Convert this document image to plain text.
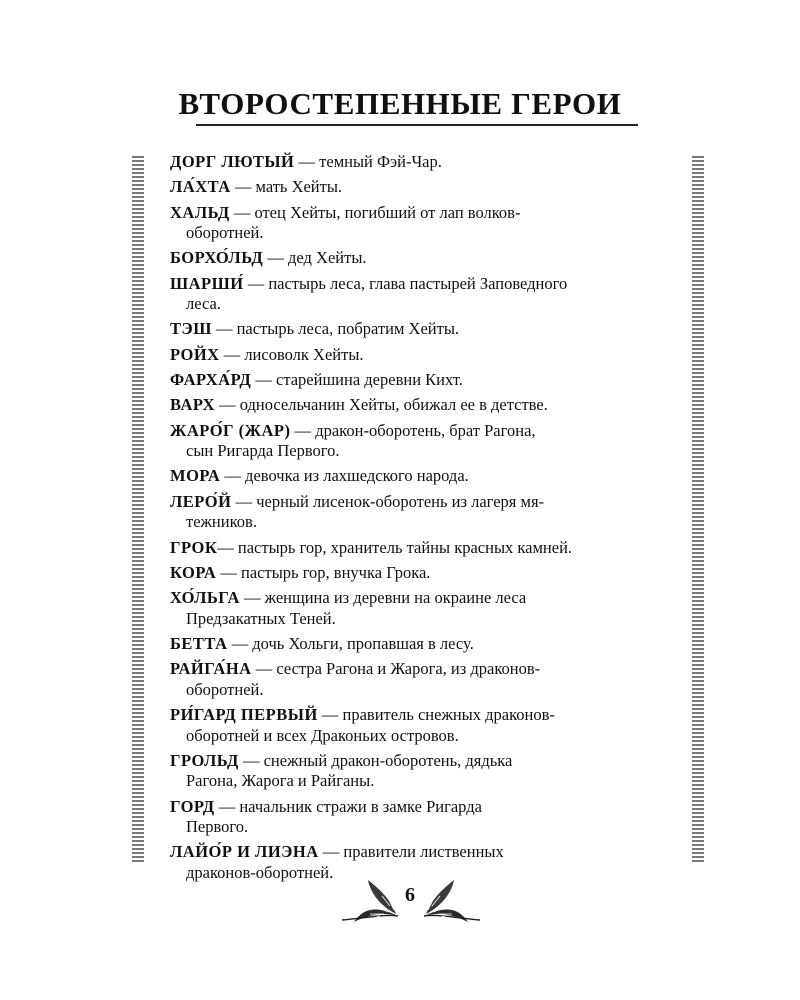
ВТОРОСТЕПЕННЫЕ ГЕРОИ
ДОРГ ЛЮТЫЙ — темный Фэй-Чар.
ЛА́ХТА — мать Хейты.
ХАЛЬД — отец Хейты, погибший от лап волков-
оборотней.
БОРХО́ЛЬД — дед Хейты.
ШАРШИ́ — пастырь леса, глава пастырей Заповедного
леса.
ТЭШ — пастырь леса, побратим Хейты.
РОЙХ — лисоволк Хейты.
ФАРХА́РД — старейшина деревни Кихт.
ВАРХ — односельчанин Хейты, обижал ее в детстве.
ЖАРО́Г (ЖАР) — дракон-оборотень, брат Рагона,
сын Ригарда Первого.
МОРА — девочка из лахшедского народа.
ЛЕРО́Й — черный лисенок-оборотень из лагеря мя-
тежников.
ГРОК— пастырь гор, хранитель тайны красных камней.
КОРА — пастырь гор, внучка Грока.
ХО́ЛЬГА — женщина из деревни на окраине леса
Предзакатных Теней.
БЕТТА — дочь Хольги, пропавшая в лесу.
РАЙГА́НА — сестра Рагона и Жарога, из драконов-
оборотней.
РИ́ГАРД ПЕРВЫЙ — правитель снежных драконов-
оборотней и всех Драконьих островов.
ГРОЛЬД — снежный дракон-оборотень, дядька
Рагона, Жарога и Райганы.
ГОРД — начальник стражи в замке Ригарда
Первого.
ЛАЙО́Р И ЛИЭНА — правители лиственных
драконов-оборотней.
6
